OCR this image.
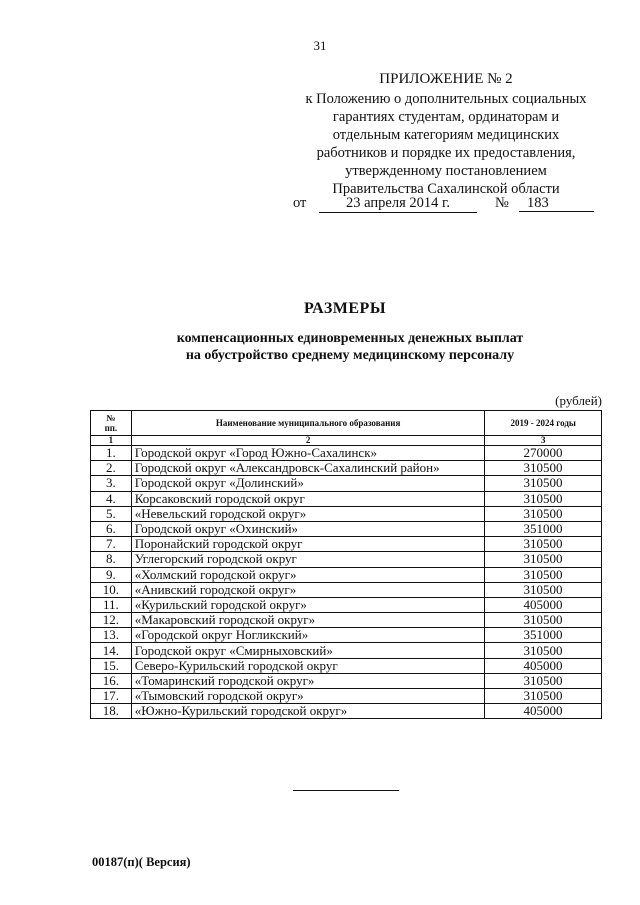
31
ПРИЛОЖЕНИЕ № 2
к Положению о дополнительных социальных
гарантиях студентам, ординаторам и
отдельным категориям медицинских
работников и порядке их предоставления,
утвержденному постановлением
Правительства Сахалинской области
от	23 апреля 2014 г.	№	183
РАЗМЕРЫ
компенсационных единовременных денежных выплат
на обустройство среднему медицинскому персоналу
(рублей)
№
пп.	Наименование муниципального образования	2019 - 2024 годы
1	2	3
1.	Городской округ «Город Южно-Сахалинск»	270000
2.	Городской округ «Александровск-Сахалинский район»	310500
3.	Городской округ «Долинский»	310500
4.	Корсаковский городской округ	310500
5.	«Невельский городской округ»	310500
6.	Городской округ «Охинский»	351000
7.	Поронайский городской округ	310500
8.	Углегорский городской округ	310500
9.	«Холмский городской округ»	310500
10.	«Анивский городской округ»	310500
11.	«Курильский городской округ»	405000
12.	«Макаровский городской округ»	310500
13.	«Городской округ Ногликский»	351000
14.	Городской округ «Смирныховский»	310500
15.	Северо-Курильский городской округ	405000
16.	«Томаринский городской округ»	310500
17.	«Тымовский городской округ»	310500
18.	«Южно-Курильский городской округ»	405000
00187(п)( Версия)
